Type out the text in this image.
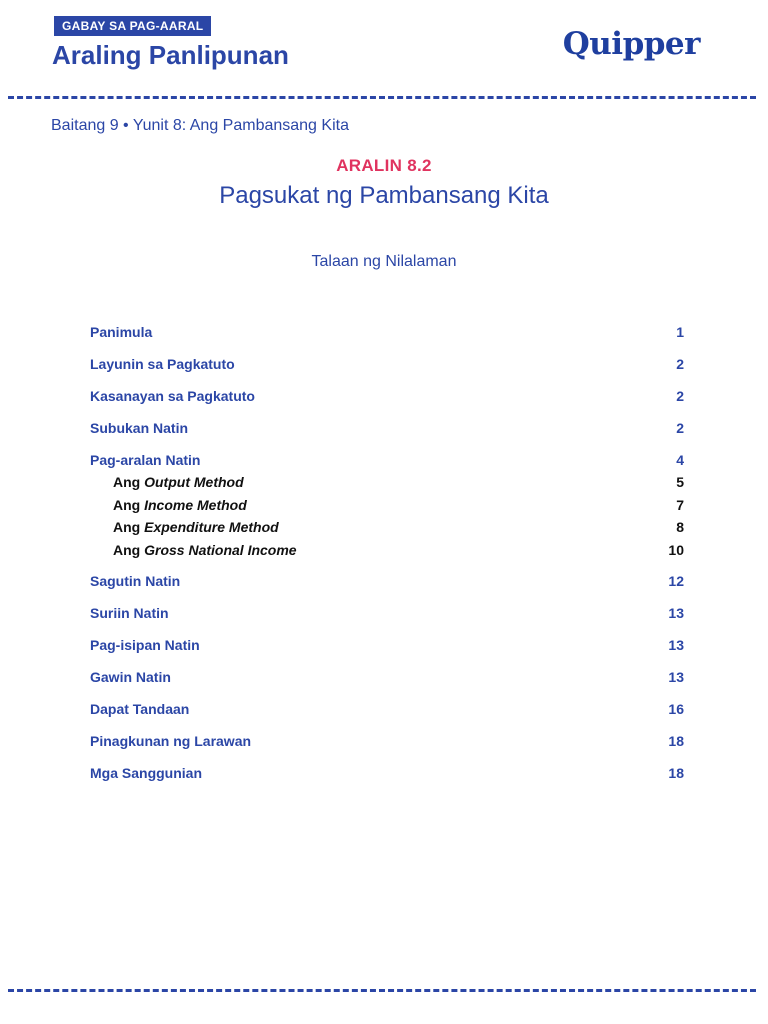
GABAY SA PAG-AARAL
Araling Panlipunan	Quipper
Baitang 9 • Yunit 8: Ang Pambansang Kita
ARALIN 8.2
Pagsukat ng Pambansang Kita
Talaan ng Nilalaman
Panimula	1
Layunin sa Pagkatuto	2
Kasanayan sa Pagkatuto	2
Subukan Natin	2
Pag-aralan Natin	4
Ang Output Method	5
Ang Income Method	7
Ang Expenditure Method	8
Ang Gross National Income	10
Sagutin Natin	12
Suriin Natin	13
Pag-isipan Natin	13
Gawin Natin	13
Dapat Tandaan	16
Pinagkunan ng Larawan	18
Mga Sanggunian	18
